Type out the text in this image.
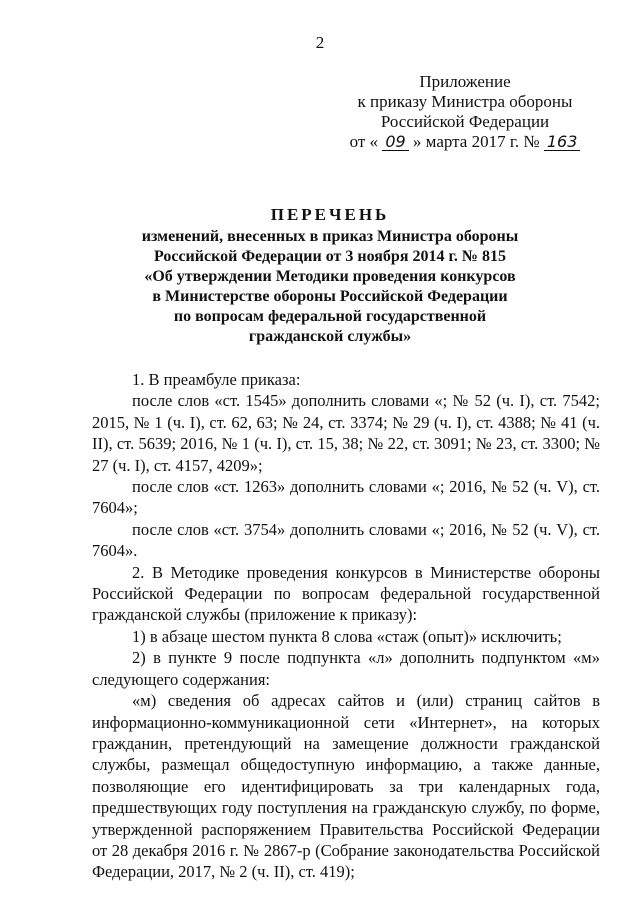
2
Приложение
к приказу Министра обороны
Российской Федерации
от « 09 » марта 2017 г. № 163
ПЕРЕЧЕНЬ
изменений, внесенных в приказ Министра обороны
Российской Федерации от 3 ноября 2014 г. № 815
«Об утверждении Методики проведения конкурсов
в Министерстве обороны Российской Федерации
по вопросам федеральной государственной
гражданской службы»

1. В преамбуле приказа:

после слов «ст. 1545» дополнить словами «; № 52 (ч. I), ст. 7542; 2015, № 1 (ч. I), ст. 62, 63; № 24, ст. 3374; № 29 (ч. I), ст. 4388; № 41 (ч. II), ст. 5639; 2016, № 1 (ч. I), ст. 15, 38; № 22, ст. 3091; № 23, ст. 3300; № 27 (ч. I), ст. 4157, 4209»;

после слов «ст. 1263» дополнить словами «; 2016, № 52 (ч. V), ст. 7604»;

после слов «ст. 3754» дополнить словами «; 2016, № 52 (ч. V), ст. 7604».

2. В Методике проведения конкурсов в Министерстве обороны Российской Федерации по вопросам федеральной государственной гражданской службы (приложение к приказу):

1) в абзаце шестом пункта 8 слова «стаж (опыт)» исключить;

2) в пункте 9 после подпункта «л» дополнить подпунктом «м» следующего содержания:

«м) сведения об адресах сайтов и (или) страниц сайтов в информационно-коммуникационной сети «Интернет», на которых гражданин, претендующий на замещение должности гражданской службы, размещал общедоступную информацию, а также данные, позволяющие его идентифицировать за три календарных года, предшествующих году поступления на гражданскую службу, по форме, утвержденной распоряжением Правительства Российской Федерации от 28 декабря 2016 г. № 2867-р (Собрание законодательства Российской Федерации, 2017, № 2 (ч. II), ст. 419);
